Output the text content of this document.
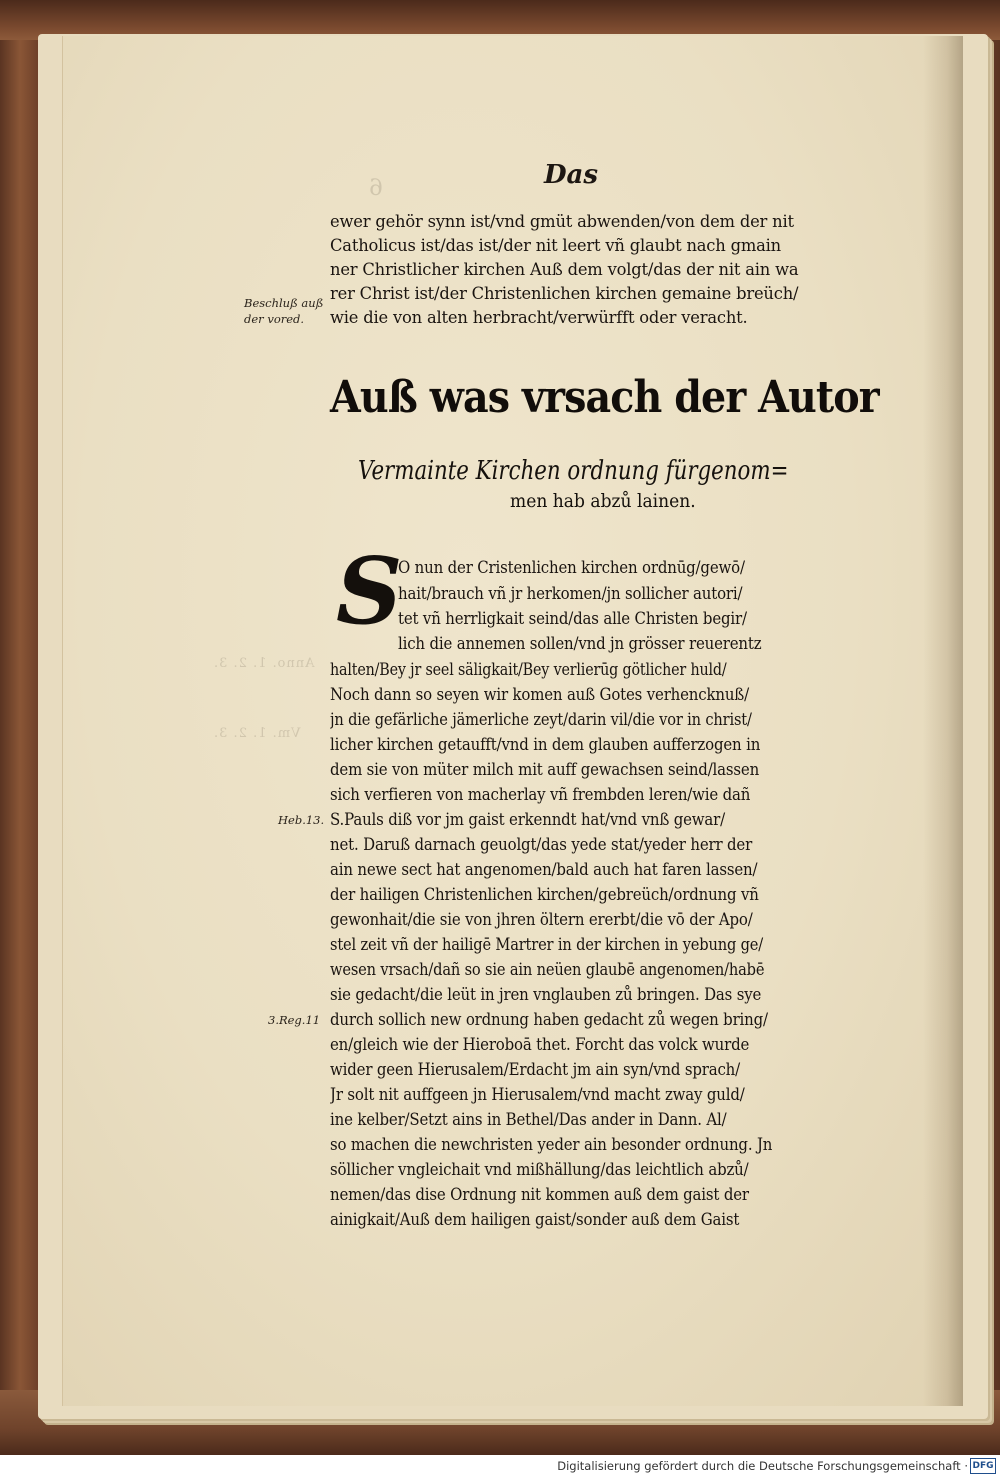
6
Anno. 1. 2. 3.
Vm. 1. 2. 3.
Das
ewer gehör synn ist/vnd gmüt abwenden/von dem der nit
Catholicus ist/das ist/der nit leert vñ glaubt nach gmain
ner Christlicher kirchen Auß dem volgt/das der nit ain wa
rer Christ ist/der Christenlichen kirchen gemaine breüch/
wie die von alten herbracht/verwürfft oder veracht.
Beschluß auß
der vored.
Auß was vrsach der Autor
Vermainte Kirchen ordnung fürgenom=
men hab abzů lainen.
S
O nun der Cristenlichen kirchen ordnūg/gewō/
hait/brauch vñ jr herkomen/jn sollicher autori/
tet vñ herrligkait seind/das alle Christen begir/
lich die annemen sollen/vnd jn grösser reuerentz
halten/Bey jr seel säligkait/Bey verlierūg götlicher huld/
Noch dann so seyen wir komen auß Gotes verhencknuß/
jn die gefärliche jämerliche zeyt/darin vil/die vor in christ/
licher kirchen getaufft/vnd in dem glauben aufferzogen in
dem sie von müter milch mit auff gewachsen seind/lassen
sich verfieren von macherlay vñ frembden leren/wie dañ
S.Pauls diß vor jm gaist erkenndt hat/vnd vnß gewar/
net. Daruß darnach geuolgt/das yede stat/yeder herr der
ain newe sect hat angenomen/bald auch hat faren lassen/
der hailigen Christenlichen kirchen/gebreüch/ordnung vñ
gewonhait/die sie von jhren öltern ererbt/die vō der Apo/
stel zeit vñ der hailigē Martrer in der kirchen in yebung ge/
wesen vrsach/dañ so sie ain neüen glaubē angenomen/habē
sie gedacht/die leüt in jren vnglauben zů bringen. Das sye
durch sollich new ordnung haben gedacht zů wegen bring/
en/gleich wie der Hieroboā thet. Forcht das volck wurde
wider geen Hierusalem/Erdacht jm ain syn/vnd sprach/
Jr solt nit auffgeen jn Hierusalem/vnd macht zway guld/
ine kelber/Setzt ains in Bethel/Das ander in Dann. Al/
so machen die newchristen yeder ain besonder ordnung. Jn
söllicher vngleichait vnd mißhällung/das leichtlich abzů/
nemen/das dise Ordnung nit kommen auß dem gaist der
ainigkait/Auß dem hailigen gaist/sonder auß dem Gaist
Heb.13.
3.Reg.11
Digitalisierung gefördert durch die Deutsche Forschungsgemeinschaft · DFG
